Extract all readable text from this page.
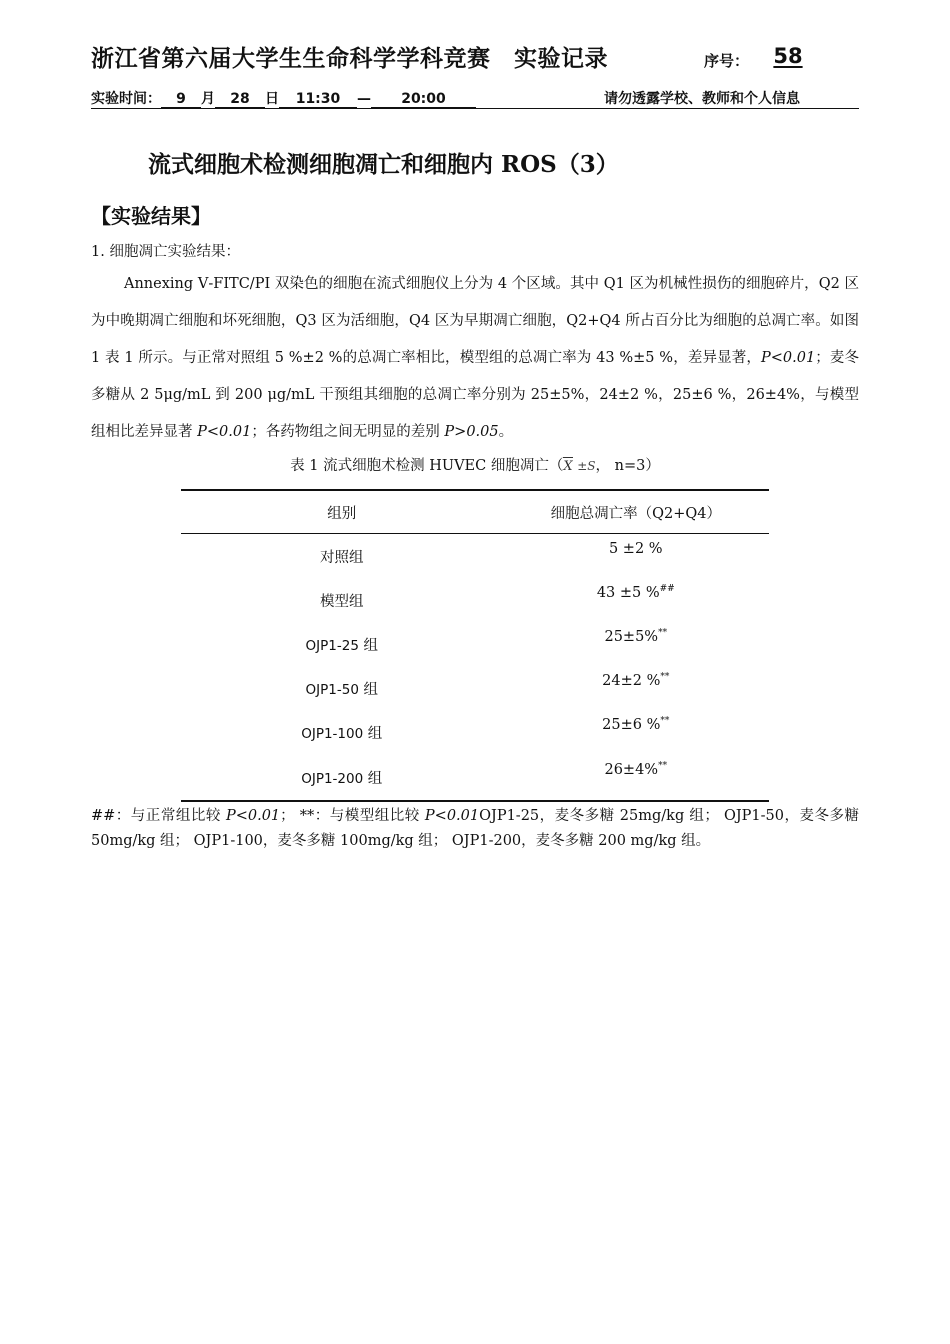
浙江省第六届大学生生命科学学科竞赛　实验记录	序号：	58
实验时间： 9 月 28 日 11:30 — 20:00	请勿透露学校、教师和个人信息
流式细胞术检测细胞凋亡和细胞内 ROS（3）
【实验结果】
1. 细胞凋亡实验结果：
Annexing Ⅴ-FITC/PI 双染色的细胞在流式细胞仪上分为 4 个区域。其中 Q1 区为机械性损伤的细胞碎片，Q2 区为中晚期凋亡细胞和坏死细胞，Q3 区为活细胞，Q4 区为早期凋亡细胞，Q2+Q4 所占百分比为细胞的总凋亡率。如图 1 表 1 所示。与正常对照组 5 %±2 %的总凋亡率相比，模型组的总凋亡率为 43 %±5 %，差异显著，P<0.01；麦冬多糖从 2 5μg/mL 到 200 μg/mL 干预组其细胞的总凋亡率分别为 25±5%，24±2 %，25±6 %，26±4%，与模型组相比差异显著 P<0.01；各药物组之间无明显的差别 P>0.05。
表 1 流式细胞术检测 HUVEC 细胞凋亡（X ±S， n=3）
组别	细胞总凋亡率（Q2+Q4）
对照组	5 ±2 %
模型组	43 ±5 %##
OJP1-25 组	25±5%**
OJP1-50 组	24±2 %**
OJP1-100 组	25±6 %**
OJP1-200 组	26±4%**
##：与正常组比较 P<0.01； **：与模型组比较 P<0.01OJP1-25，麦冬多糖 25mg/kg 组； OJP1-50，麦冬多糖 50mg/kg 组； OJP1-100，麦冬多糖 100mg/kg 组； OJP1-200，麦冬多糖 200 mg/kg 组。
